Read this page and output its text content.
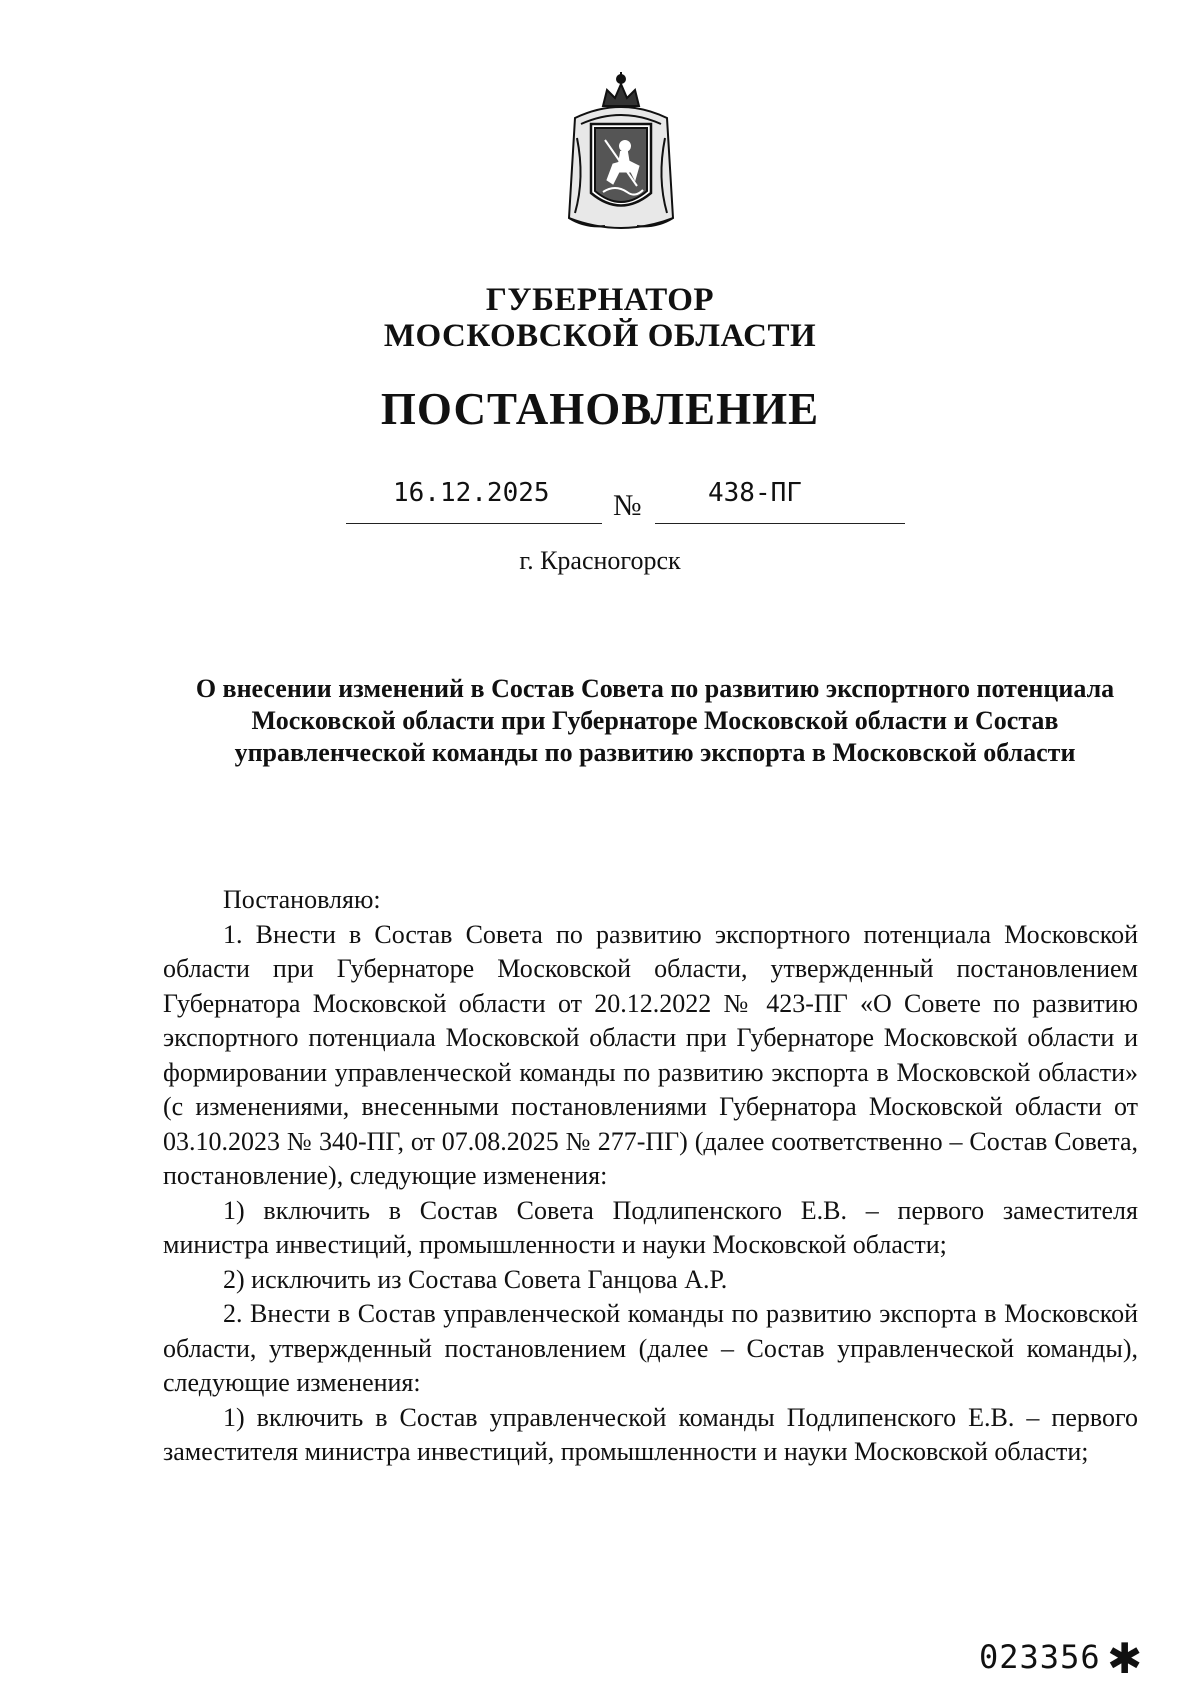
ГУБЕРНАТОР
МОСКОВСКОЙ ОБЛАСТИ
ПОСТАНОВЛЕНИЕ
16.12.2025 №	438-ПГ
г. Красногорск
О внесении изменений в Состав Совета по развитию экспортного потенциала Московской области при Губернаторе Московской области и Состав управленческой команды по развитию экспорта в Московской области

Постановляю:

1. Внести в Состав Совета по развитию экспортного потенциала Московской области при Губернаторе Московской области, утвержденный постановлением Губернатора Московской области от 20.12.2022 № 423-ПГ «О Совете по развитию экспортного потенциала Московской области при Губернаторе Московской области и формировании управленческой команды по развитию экспорта в Московской области» (с изменениями, внесенными постановлениями Губернатора Московской области от 03.10.2023 № 340-ПГ, от 07.08.2025 № 277-ПГ) (далее соответственно – Состав Совета, постановление), следующие изменения:

1) включить в Состав Совета Подлипенского Е.В. – первого заместителя министра инвестиций, промышленности и науки Московской области;

2) исключить из Состава Совета Ганцова А.Р.

2. Внести в Состав управленческой команды по развитию экспорта в Московской области, утвержденный постановлением (далее – Состав управленческой команды), следующие изменения:

1) включить в Состав управленческой команды Подлипенского Е.В. – первого заместителя министра инвестиций, промышленности и науки Московской области;

023356 ✱
